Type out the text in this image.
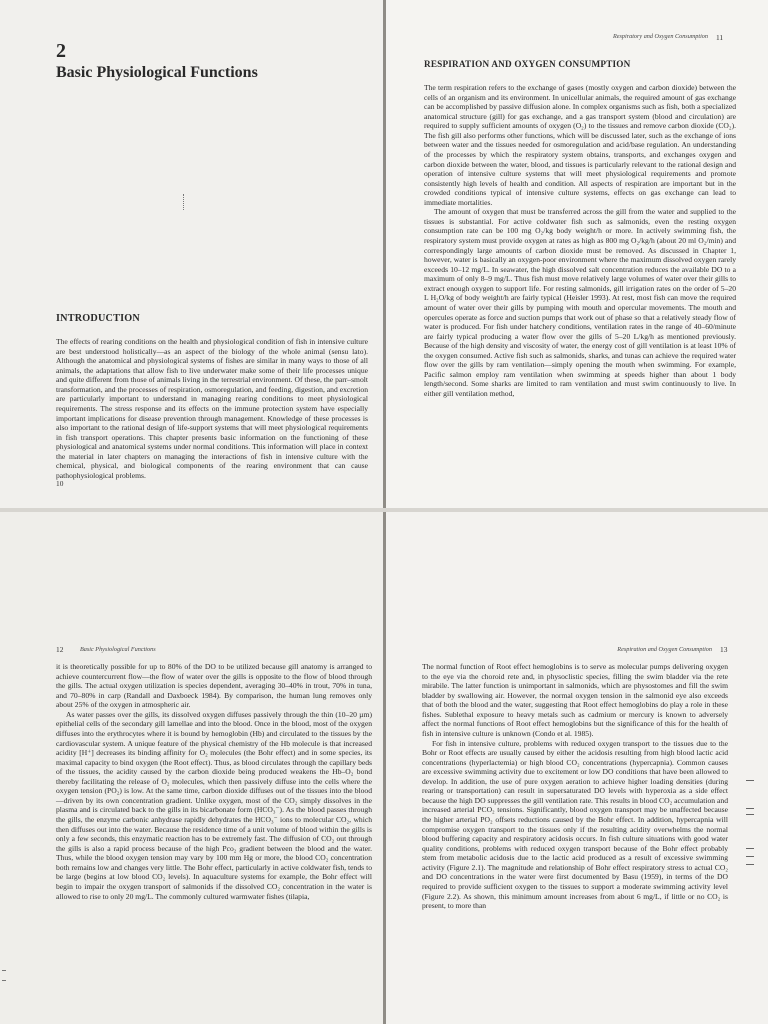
2
Basic Physiological Functions
INTRODUCTION

The effects of rearing conditions on the health and physiological condition of fish in intensive culture are best understood holistically—as an aspect of the biology of the whole animal (sensu lato). Although the anatomical and physiological systems of fishes are similar in many ways to those of all animals, the adaptations that allow fish to live underwater make some of their life processes unique and quite different from those of animals living in the terrestrial environment. Of these, the parr–smolt transformation, and the processes of respiration, osmoregulation, and feeding, digestion, and excretion are particularly important to understand in managing rearing conditions to meet physiological requirements. The stress response and its effects on the immune protection system have especially important implications for disease prevention through management. Knowledge of these processes is also important to the rational design of life-support systems that will meet physiological requirements in fish transport operations. This chapter presents basic information on the functioning of these physiological and anatomical systems under normal conditions. This information will place in context the material in later chapters on managing the interactions of fish in intensive culture with the chemical, physical, and biological components of the rearing environment that can cause pathophysiological problems.

10
Respiratory and Oxygen Consumption 11
RESPIRATION AND OXYGEN CONSUMPTION

The term respiration refers to the exchange of gases (mostly oxygen and carbon dioxide) between the cells of an organism and its environment. In unicellular animals, the required amount of gas exchange can be accomplished by passive diffusion alone. In complex organisms such as fish, both a specialized anatomical structure (gill) for gas exchange, and a gas transport system (blood and circulation) are required to supply sufficient amounts of oxygen (O₂) to the tissues and remove carbon dioxide (CO₂). The fish gill also performs other functions, which will be discussed later, such as the exchange of ions between water and the tissues needed for osmoregulation and acid/base regulation. An understanding of the processes by which the respiratory system obtains, transports, and exchanges oxygen and carbon dioxide between the water, blood, and tissues is particularly relevant to the rational design and operation of intensive culture systems that will meet physiological requirements and promote consistently high levels of health and condition. All aspects of respiration are important but in the crowded conditions typical of intensive culture systems, effects on gas exchange can lead to immediate mortalities.

The amount of oxygen that must be transferred across the gill from the water and supplied to the tissues is substantial. For active coldwater fish such as salmonids, even the resting oxygen consumption rate can be 100 mg O₂/kg body weight/h or more. In actively swimming fish, the respiratory system must provide oxygen at rates as high as 800 mg O₂/kg/h (about 20 ml O₂/min) and correspondingly large amounts of carbon dioxide must be removed. As discussed in Chapter 1, however, water is basically an oxygen-poor environment where the maximum dissolved oxygen rarely exceeds 10–12 mg/L. In seawater, the high dissolved salt concentration reduces the available DO to a maximum of only 8–9 mg/L. Thus fish must move relatively large volumes of water over their gills to extract enough oxygen to support life. For resting salmonids, gill irrigation rates on the order of 5–20 L H₂O/kg of body weight/h are fairly typical (Heisler 1993). At rest, most fish can move the required amount of water over their gills by pumping with mouth and opercular movements. The mouth and opercules operate as force and suction pumps that work out of phase so that a relatively steady flow of water is produced. For fish under hatchery conditions, ventilation rates in the range of 40–60/minute are fairly typical producing a water flow over the gills of 5–20 L/kg/h as mentioned previously. Because of the high density and viscosity of water, the energy cost of gill ventilation is at least 10% of the oxygen consumed. Active fish such as salmonids, sharks, and tunas can achieve the required water flow over the gills by ram ventilation—simply opening the mouth when swimming. For example, Pacific salmon employ ram ventilation when swimming at speeds higher than about 1 body length/second. Some sharks are limited to ram ventilation and must swim continuously to live. In either gill ventilation method,

12	Basic Physiological Functions

it is theoretically possible for up to 80% of the DO to be utilized because gill anatomy is arranged to achieve countercurrent flow—the flow of water over the gills is opposite to the flow of blood through the gills. The actual oxygen utilization is species dependent, averaging 30–40% in trout, 70% in tuna, and 70–80% in carp (Randall and Daxboeck 1984). By comparison, the human lung removes only about 25% of the oxygen in atmospheric air.

As water passes over the gills, its dissolved oxygen diffuses passively through the thin (10–20 µm) epithelial cells of the secondary gill lamellae and into the blood. Once in the blood, most of the oxygen diffuses into the erythrocytes where it is bound by hemoglobin (Hb) and circulated to the tissues by the cardiovascular system. A unique feature of the physical chemistry of the Hb molecule is that increased acidity [H⁺] decreases its binding affinity for O₂ molecules (the Bohr effect) and in some species, its maximal capacity to bind oxygen (the Root effect). Thus, as blood circulates through the capillary beds of the tissues, the acidity caused by the carbon dioxide being produced weakens the Hb–O₂ bond thereby facilitating the release of O₂ molecules, which then passively diffuse into the cells where the oxygen tension (PO₂) is low. At the same time, carbon dioxide diffuses out of the tissues into the blood—driven by its own concentration gradient. Unlike oxygen, most of the CO₂ simply dissolves in the plasma and is circulated back to the gills in its bicarbonate form (HCO₃⁻). As the blood passes through the gills, the enzyme carbonic anhydrase rapidly dehydrates the HCO₃⁻ ions to molecular CO₂, which then diffuses out into the water. Because the residence time of a unit volume of blood within the gills is only a few seconds, this enzymatic reaction has to be extremely fast. The diffusion of CO₂ out through the gills is also a rapid process because of the high Pco₂ gradient between the blood and the water. Thus, while the blood oxygen tension may vary by 100 mm Hg or more, the blood CO₂ concentration both remains low and changes very little. The Bohr effect, particularly in active coldwater fish, tends to be large (begins at low blood CO₂ levels). In aquaculture systems for example, the Bohr effect will begin to impair the oxygen transport of salmonids if the dissolved CO₂ concentration in the water is allowed to rise to only 20 mg/L. The commonly cultured warmwater fishes (tilapia,

Respiration and Oxygen Consumption 13

The normal function of Root effect hemoglobins is to serve as molecular pumps delivering oxygen to the eye via the choroid rete and, in physoclistic species, filling the swim bladder via the rete mirabile. The latter function is unimportant in salmonids, which are physostomes and fill the swim bladder by swallowing air. However, the normal oxygen tension in the salmonid eye also exceeds that of both the blood and the water, suggesting that Root effect hemoglobins do play a role in these fishes. Sublethal exposure to heavy metals such as cadmium or mercury is known to adversely affect the normal functions of Root effect hemoglobins but the significance of this for the health of fish in intensive culture is unknown (Condo et al. 1985).

For fish in intensive culture, problems with reduced oxygen transport to the tissues due to the Bohr or Root effects are usually caused by either the acidosis resulting from high blood lactic acid concentrations (hyperlactemia) or high blood CO₂ concentrations (hypercapnia). Common causes are excessive swimming activity due to excitement or low DO conditions that have been allowed to develop. In addition, the use of pure oxygen aeration to achieve higher loading densities (during rearing or transportation) can result in supersaturated DO levels with hyperoxia as a side effect because the high DO suppresses the gill ventilation rate. This results in blood CO₂ accumulation and increased arterial PCO₂ tensions. Significantly, blood oxygen transport may be unaffected because the higher arterial PO₂ offsets reductions caused by the Bohr effect. In addition, hypercapnia will compromise oxygen transport to the tissues only if the resulting acidity overwhelms the normal blood buffering capacity and respiratory acidosis occurs. In fish culture situations with good water quality conditions, problems with reduced oxygen transport because of the Bohr effect probably stem from metabolic acidosis due to the lactic acid produced as a result of excessive swimming activity (Figure 2.1). The magnitude and relationship of Bohr effect respiratory stress to actual CO₂ and DO concentrations in the water were first documented by Basu (1959), in terms of the DO required to provide sufficient oxygen to the tissues to support a moderate swimming activity level (Figure 2.2). As shown, this minimum amount increases from about 6 mg/L, if little or no CO₂ is present, to more than
